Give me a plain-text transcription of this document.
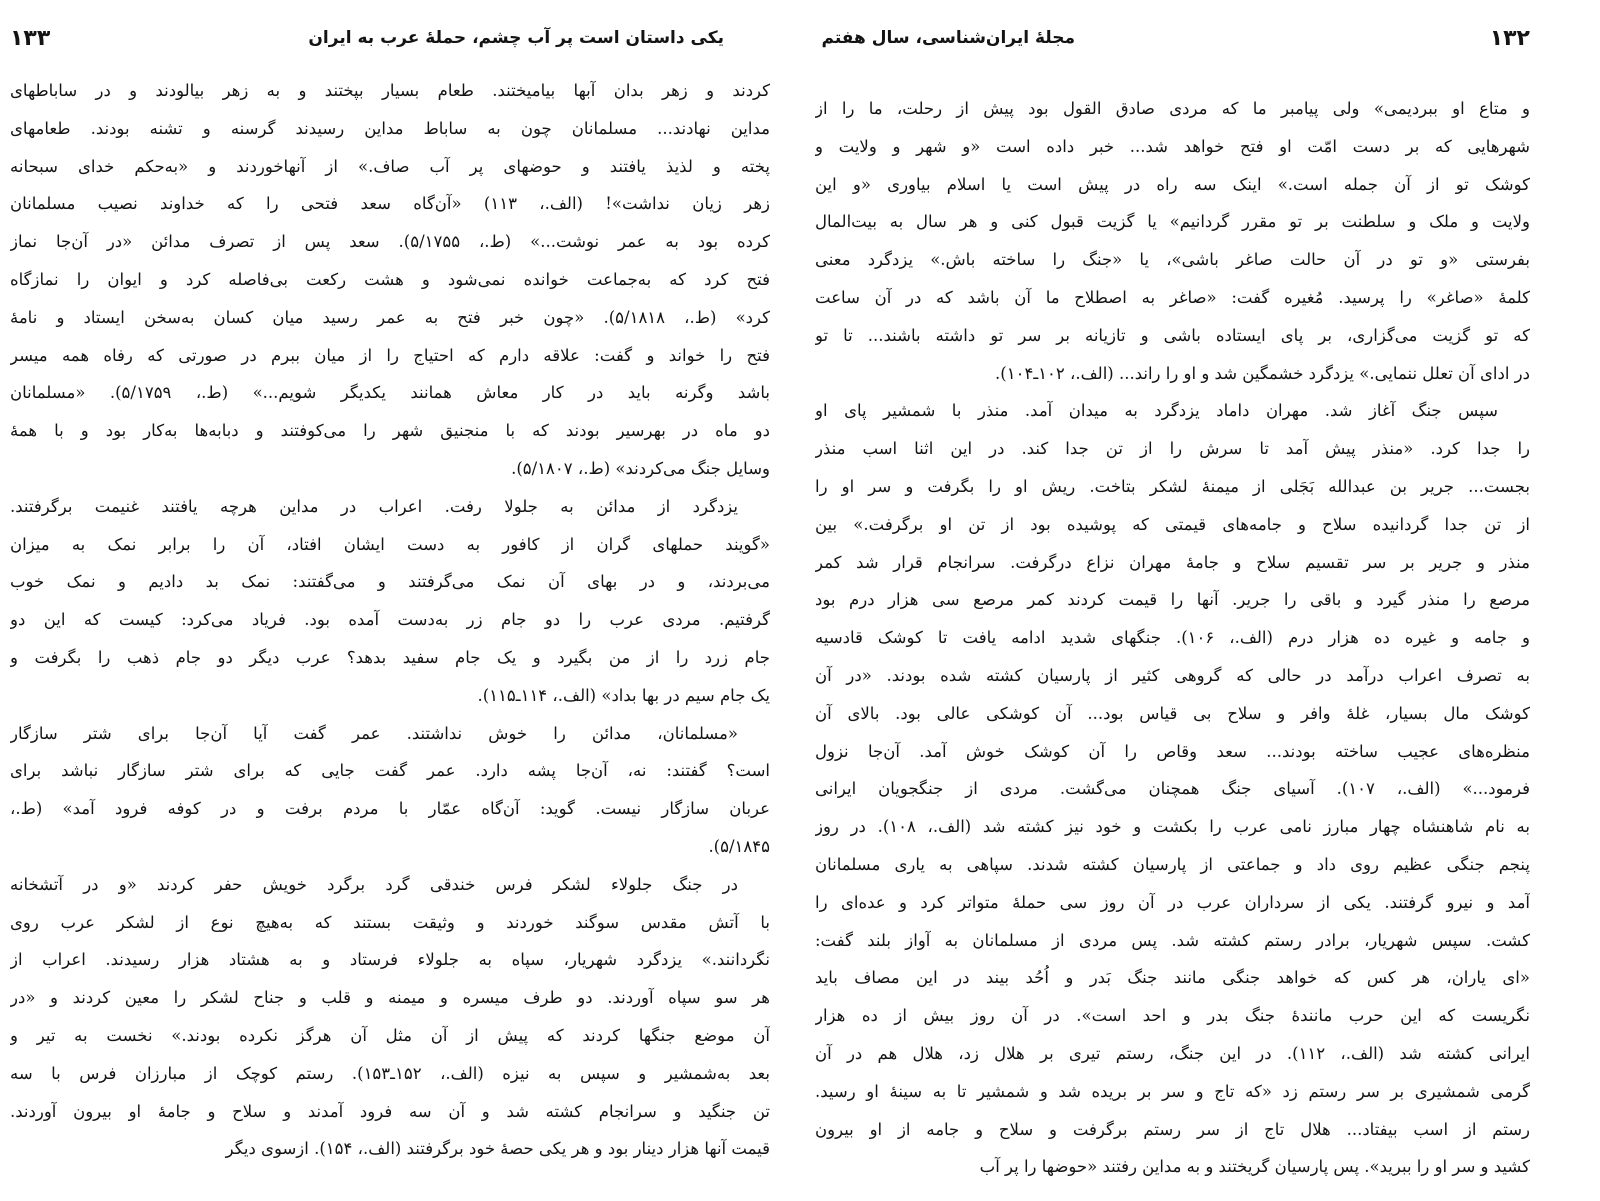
۱۳۳	یکی داستان است پر آب چشم، حملهٔ عرب به ایران
کردند و زهر بدان آبها بیامیختند. طعام بسیار بپختند و به زهر بیالودند و در ساباطهای
مداین نهادند... مسلمانان چون به ساباط مداین رسیدند گرسنه و تشنه بودند. طعامهای
پخته و لذیذ یافتند و حوضهای پر آب صاف.» از آنهاخوردند و «به‌حکم خدای سبحانه
زهر زیان نداشت»! (الف.، ۱۱۳) «آن‌گاه سعد فتحی را که خداوند نصیب مسلمانان
کرده بود به عمر نوشت...» (ط.، ۵/۱۷۵۵). سعد پس از تصرف مدائن «در آن‌جا نماز
فتح کرد که به‌جماعت خوانده نمی‌شود و هشت رکعت بی‌فاصله کرد و ایوان را نمازگاه
کرد» (ط.، ۵/۱۸۱۸). «چون خبر فتح به عمر رسید میان کسان به‌سخن ایستاد و نامهٔ
فتح را خواند و گفت: علاقه دارم که احتیاج را از میان ببرم در صورتی که رفاه همه میسر
باشد وگرنه باید در کار معاش همانند یکدیگر شویم...» (ط.، ۵/۱۷۵۹). «مسلمانان
دو ماه در بهرسیر بودند که با منجنیق شهر را می‌کوفتند و دبابه‌ها به‌کار بود و با همهٔ
وسایل جنگ می‌کردند» (ط.، ۵/۱۸۰۷).
یزدگرد از مدائن به جلولا رفت. اعراب در مداین هرچه یافتند غنیمت برگرفتند.
«گویند حملهای گران از کافور به دست ایشان افتاد، آن را برابر نمک به میزان
می‌بردند، و در بهای آن نمک می‌گرفتند و می‌گفتند: نمک بد دادیم و نمک خوب
گرفتیم. مردی عرب را دو جام زر به‌دست آمده بود. فریاد می‌کرد: کیست که این دو
جام زرد را از من بگیرد و یک جام سفید بدهد؟ عرب دیگر دو جام ذهب را بگرفت و
یک جام سیم در بها بداد» (الف.، ۱۱۴ـ۱۱۵).
«مسلمانان، مدائن را خوش نداشتند. عمر گفت آیا آن‌جا برای شتر سازگار
است؟ گفتند: نه، آن‌جا پشه دارد. عمر گفت جایی که برای شتر سازگار نباشد برای
عربان سازگار نیست. گوید: آن‌گاه عمّار با مردم برفت و در کوفه فرود آمد» (ط.،
۵/۱۸۴۵).
در جنگ جلولاء لشکر فرس خندقی گرد برگرد خویش حفر کردند «و در آتشخانه
با آتش مقدس سوگند خوردند و وثیقت بستند که به‌هیچ نوع از لشکر عرب روی
نگردانند.» یزدگرد شهریار، سپاه به جلولاء فرستاد و به هشتاد هزار رسیدند. اعراب از
هر سو سپاه آوردند. دو طرف میسره و میمنه و قلب و جناح لشکر را معین کردند و «در
آن موضع جنگها کردند که پیش از آن مثل آن هرگز نکرده بودند.» نخست به تیر و
بعد به‌شمشیر و سپس به نیزه (الف.، ۱۵۲ـ۱۵۳). رستم کوچک از مبارزان فرس با سه
تن جنگید و سرانجام کشته شد و آن سه فرود آمدند و سلاح و جامهٔ او بیرون آوردند.
قیمت آنها هزار دینار بود و هر یکی حصهٔ خود برگرفتند (الف.، ۱۵۴). ازسوی دیگر
۱۳۲
مجلهٔ ایران‌شناسی، سال هفتم
و متاع او ببردیمی» ولی پیامبر ما که مردی صادق القول بود پیش از رحلت، ما را از
شهرهایی که بر دست امّت او فتح خواهد شد... خبر داده است «و شهر و ولایت و
کوشک تو از آن جمله است.» اینک سه راه در پیش است یا اسلام بیاوری «و این
ولایت و ملک و سلطنت بر تو مقرر گردانیم» یا گزیت قبول کنی و هر سال به بیت‌المال
بفرستی «و تو در آن حالت صاغر باشی»، یا «جنگ را ساخته باش.» یزدگرد معنی
کلمهٔ «صاغر» را پرسید. مُغیره گفت: «صاغر به اصطلاح ما آن باشد که در آن ساعت
که تو گزیت می‌گزاری، بر پای ایستاده باشی و تازیانه بر سر تو داشته باشند... تا تو
در ادای آن تعلل ننمایی.» یزدگرد خشمگین شد و او را راند... (الف.، ۱۰۲ـ۱۰۴).
سپس جنگ آغاز شد. مهران داماد یزدگرد به میدان آمد. منذر با شمشیر پای او
را جدا کرد. «منذر پیش آمد تا سرش را از تن جدا کند. در این اثنا اسب منذر
بجست... جریر بن عبدالله بَجَلی از میمنهٔ لشکر بتاخت. ریش او را بگرفت و سر او را
از تن جدا گردانیده سلاح و جامه‌های قیمتی که پوشیده بود از تن او برگرفت.» بین
منذر و جریر بر سر تقسیم سلاح و جامهٔ مهران نزاع درگرفت. سرانجام قرار شد کمر
مرصع را منذر گیرد و باقی را جریر. آنها را قیمت کردند کمر مرصع سی هزار درم بود
و جامه و غیره ده هزار درم (الف.، ۱۰۶). جنگهای شدید ادامه یافت تا کوشک قادسیه
به تصرف اعراب درآمد در حالی که گروهی کثیر از پارسیان کشته شده بودند. «در آن
کوشک مال بسیار، غلهٔ وافر و سلاح بی قیاس بود... آن کوشکی عالی بود. بالای آن
منظره‌های عجیب ساخته بودند... سعد وقاص را آن کوشک خوش آمد. آن‌جا نزول
فرمود...» (الف.، ۱۰۷). آسیای جنگ همچنان می‌گشت. مردی از جنگجویان ایرانی
به نام شاهنشاه چهار مبارز نامی عرب را بکشت و خود نیز کشته شد (الف.، ۱۰۸). در روز
پنجم جنگی عظیم روی داد و جماعتی از پارسیان کشته شدند. سپاهی به یاری مسلمانان
آمد و نیرو گرفتند. یکی از سرداران عرب در آن روز سی حملهٔ متواتر کرد و عده‌ای را
کشت. سپس شهریار، برادر رستم کشته شد. پس مردی از مسلمانان به آواز بلند گفت:
«ای یاران، هر کس که خواهد جنگی مانند جنگ بَدر و اُحُد بیند در این مصاف باید
نگریست که این حرب مانندهٔ جنگ بدر و احد است». در آن روز بیش از ده هزار
ایرانی کشته شد (الف.، ۱۱۲). در این جنگ، رستم تیری بر هلال زد، هلال هم در آن
گرمی شمشیری بر سر رستم زد «که تاج و سر بر بریده شد و شمشیر تا به سینهٔ او رسید.
رستم از اسب بیفتاد... هلال تاج از سر رستم برگرفت و سلاح و جامه از او بیرون
کشید و سر او را ببرید». پس پارسیان گریختند و به مداین رفتند «حوضها را پر آب
